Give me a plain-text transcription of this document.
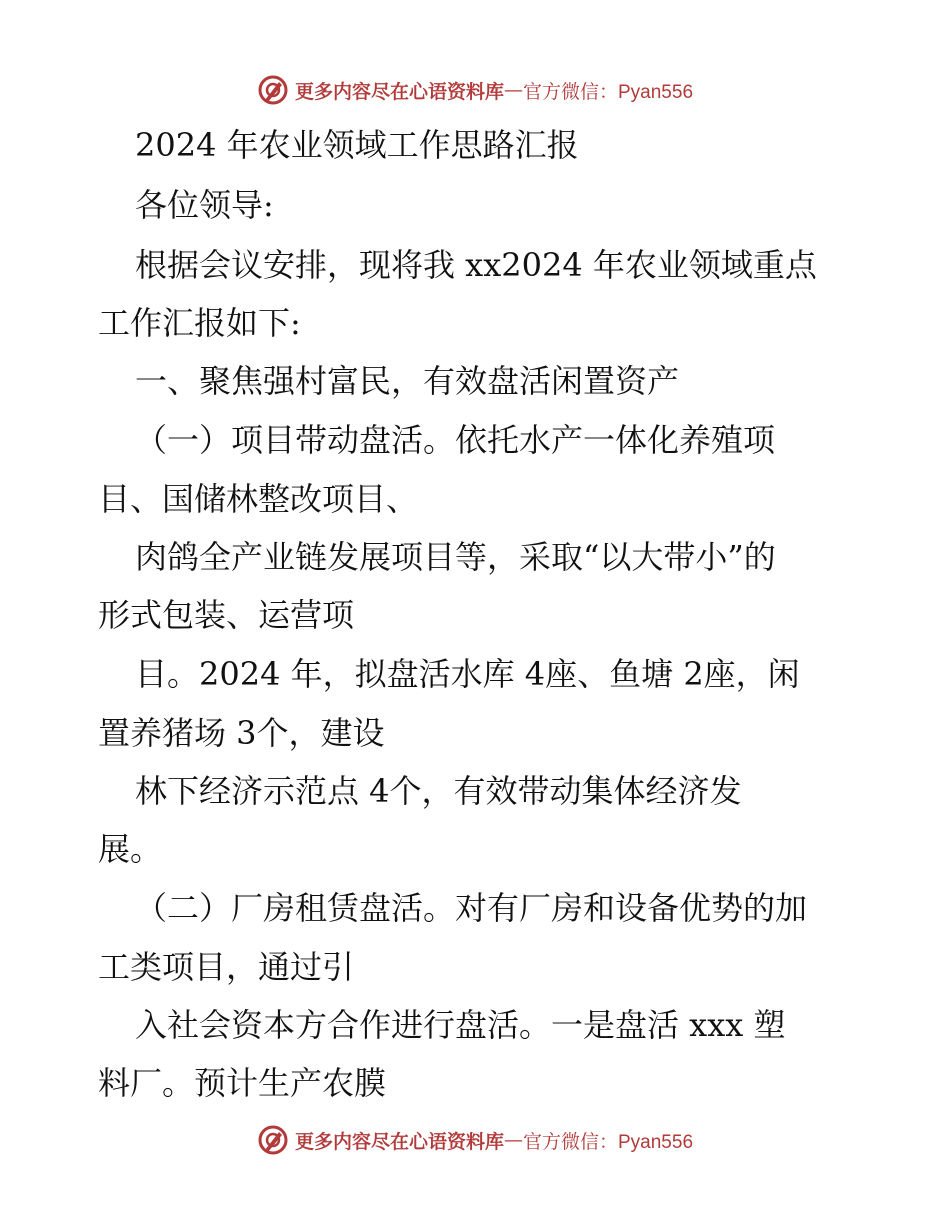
更多内容尽在心语资料库 — 官方微信：Pyan556
2024 年农业领域工作思路汇报
各位领导:
根据会议安排，现将我 xx2024 年农业领域重点
工作汇报如下:
一、聚焦强村富民，有效盘活闲置资产
（一）项目带动盘活。依托水产一体化养殖项
目、国储林整改项目、
肉鸽全产业链发展项目等，采取“以大带小”的
形式包装、运营项
目。2024 年，拟盘活水库 4座、鱼塘 2座，闲
置养猪场 3个，建设
林下经济示范点 4个，有效带动集体经济发
展。
（二）厂房租赁盘活。对有厂房和设备优势的加
工类项目，通过引
入社会资本方合作进行盘活。一是盘活 xxx 塑
料厂。预计生产农膜
更多内容尽在心语资料库 — 官方微信：Pyan556
